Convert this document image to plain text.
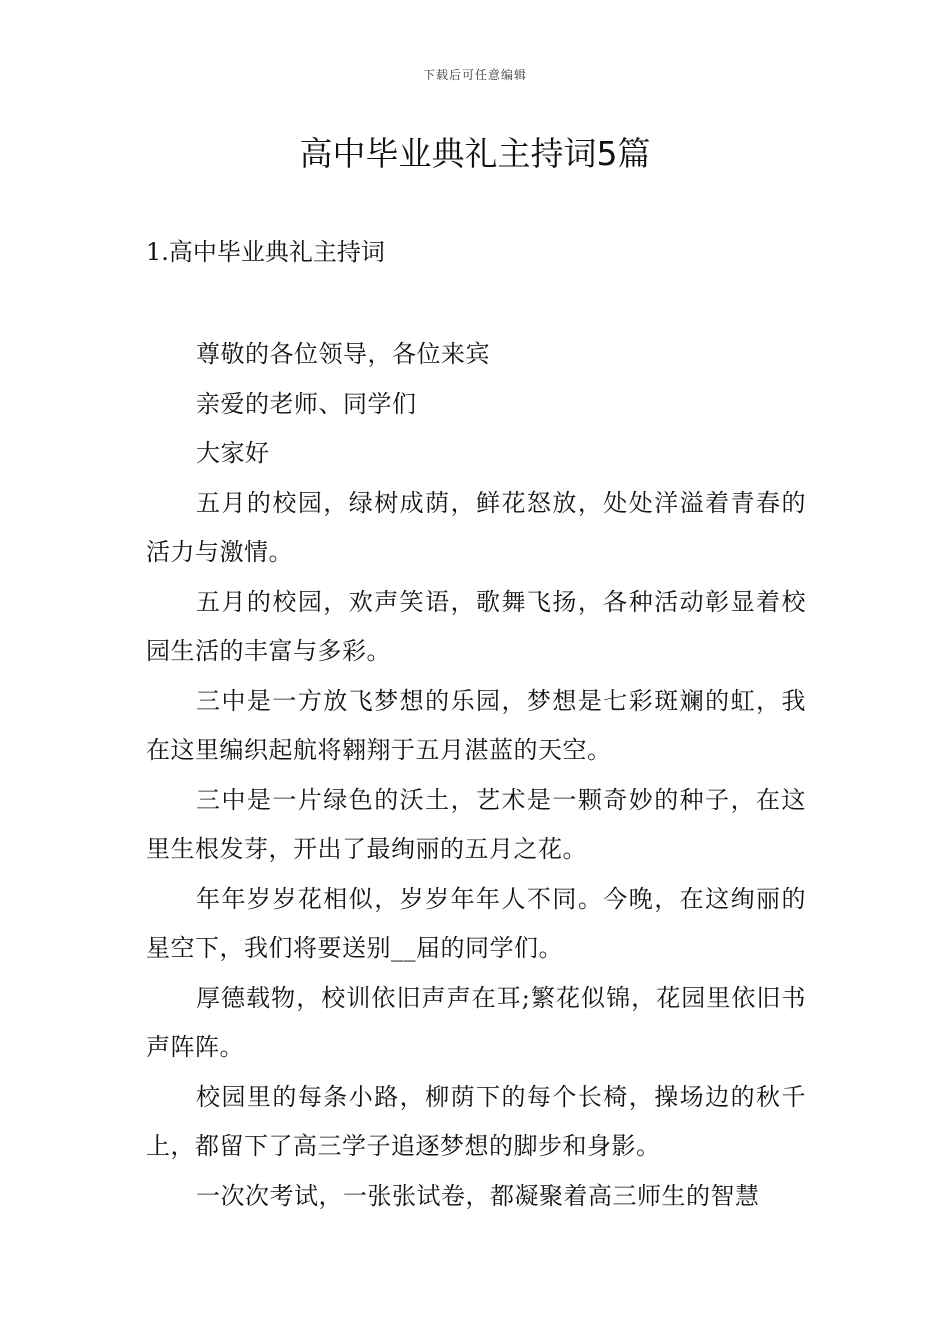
下载后可任意编辑
高中毕业典礼主持词5篇
1.高中毕业典礼主持词

尊敬的各位领导，各位来宾

亲爱的老师、同学们

大家好

五月的校园，绿树成荫，鲜花怒放，处处洋溢着青春的活力与激情。

五月的校园，欢声笑语，歌舞飞扬，各种活动彰显着校园生活的丰富与多彩。

三中是一方放飞梦想的乐园，梦想是七彩斑斓的虹，我在这里编织起航将翱翔于五月湛蓝的天空。

三中是一片绿色的沃土，艺术是一颗奇妙的种子，在这里生根发芽，开出了最绚丽的五月之花。

年年岁岁花相似，岁岁年年人不同。今晚，在这绚丽的星空下，我们将要送别__届的同学们。

厚德载物，校训依旧声声在耳;繁花似锦，花园里依旧书声阵阵。

校园里的每条小路，柳荫下的每个长椅，操场边的秋千上，都留下了高三学子追逐梦想的脚步和身影。

一次次考试，一张张试卷，都凝聚着高三师生的智慧
